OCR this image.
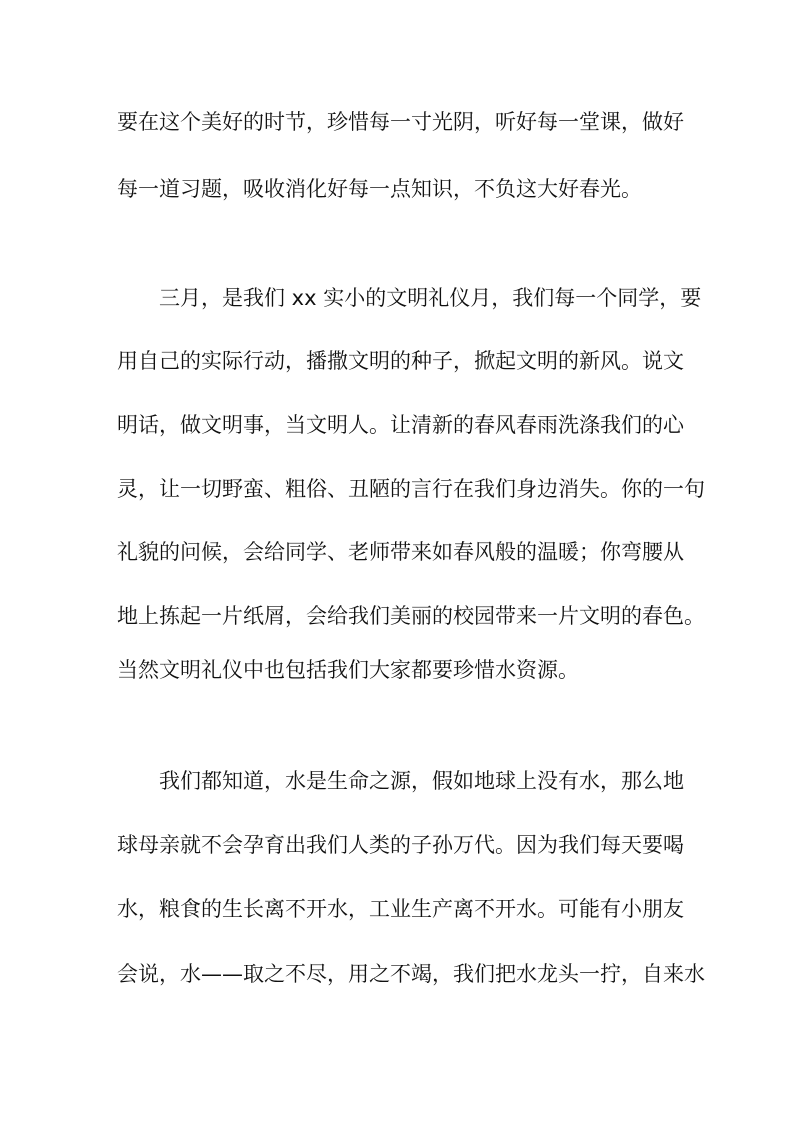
要在这个美好的时节，珍惜每一寸光阴，听好每一堂课，做好

每一道习题，吸收消化好每一点知识，不负这大好春光。

三月，是我们 xx 实小的文明礼仪月，我们每一个同学，要

用自己的实际行动，播撒文明的种子，掀起文明的新风。说文

明话，做文明事，当文明人。让清新的春风春雨洗涤我们的心

灵，让一切野蛮、粗俗、丑陋的言行在我们身边消失。你的一句

礼貌的问候，会给同学、老师带来如春风般的温暖；你弯腰从

地上拣起一片纸屑，会给我们美丽的校园带来一片文明的春色。

当然文明礼仪中也包括我们大家都要珍惜水资源。

我们都知道，水是生命之源，假如地球上没有水，那么地

球母亲就不会孕育出我们人类的子孙万代。因为我们每天要喝

水，粮食的生长离不开水，工业生产离不开水。可能有小朋友

会说，水——取之不尽，用之不竭，我们把水龙头一拧，自来水
